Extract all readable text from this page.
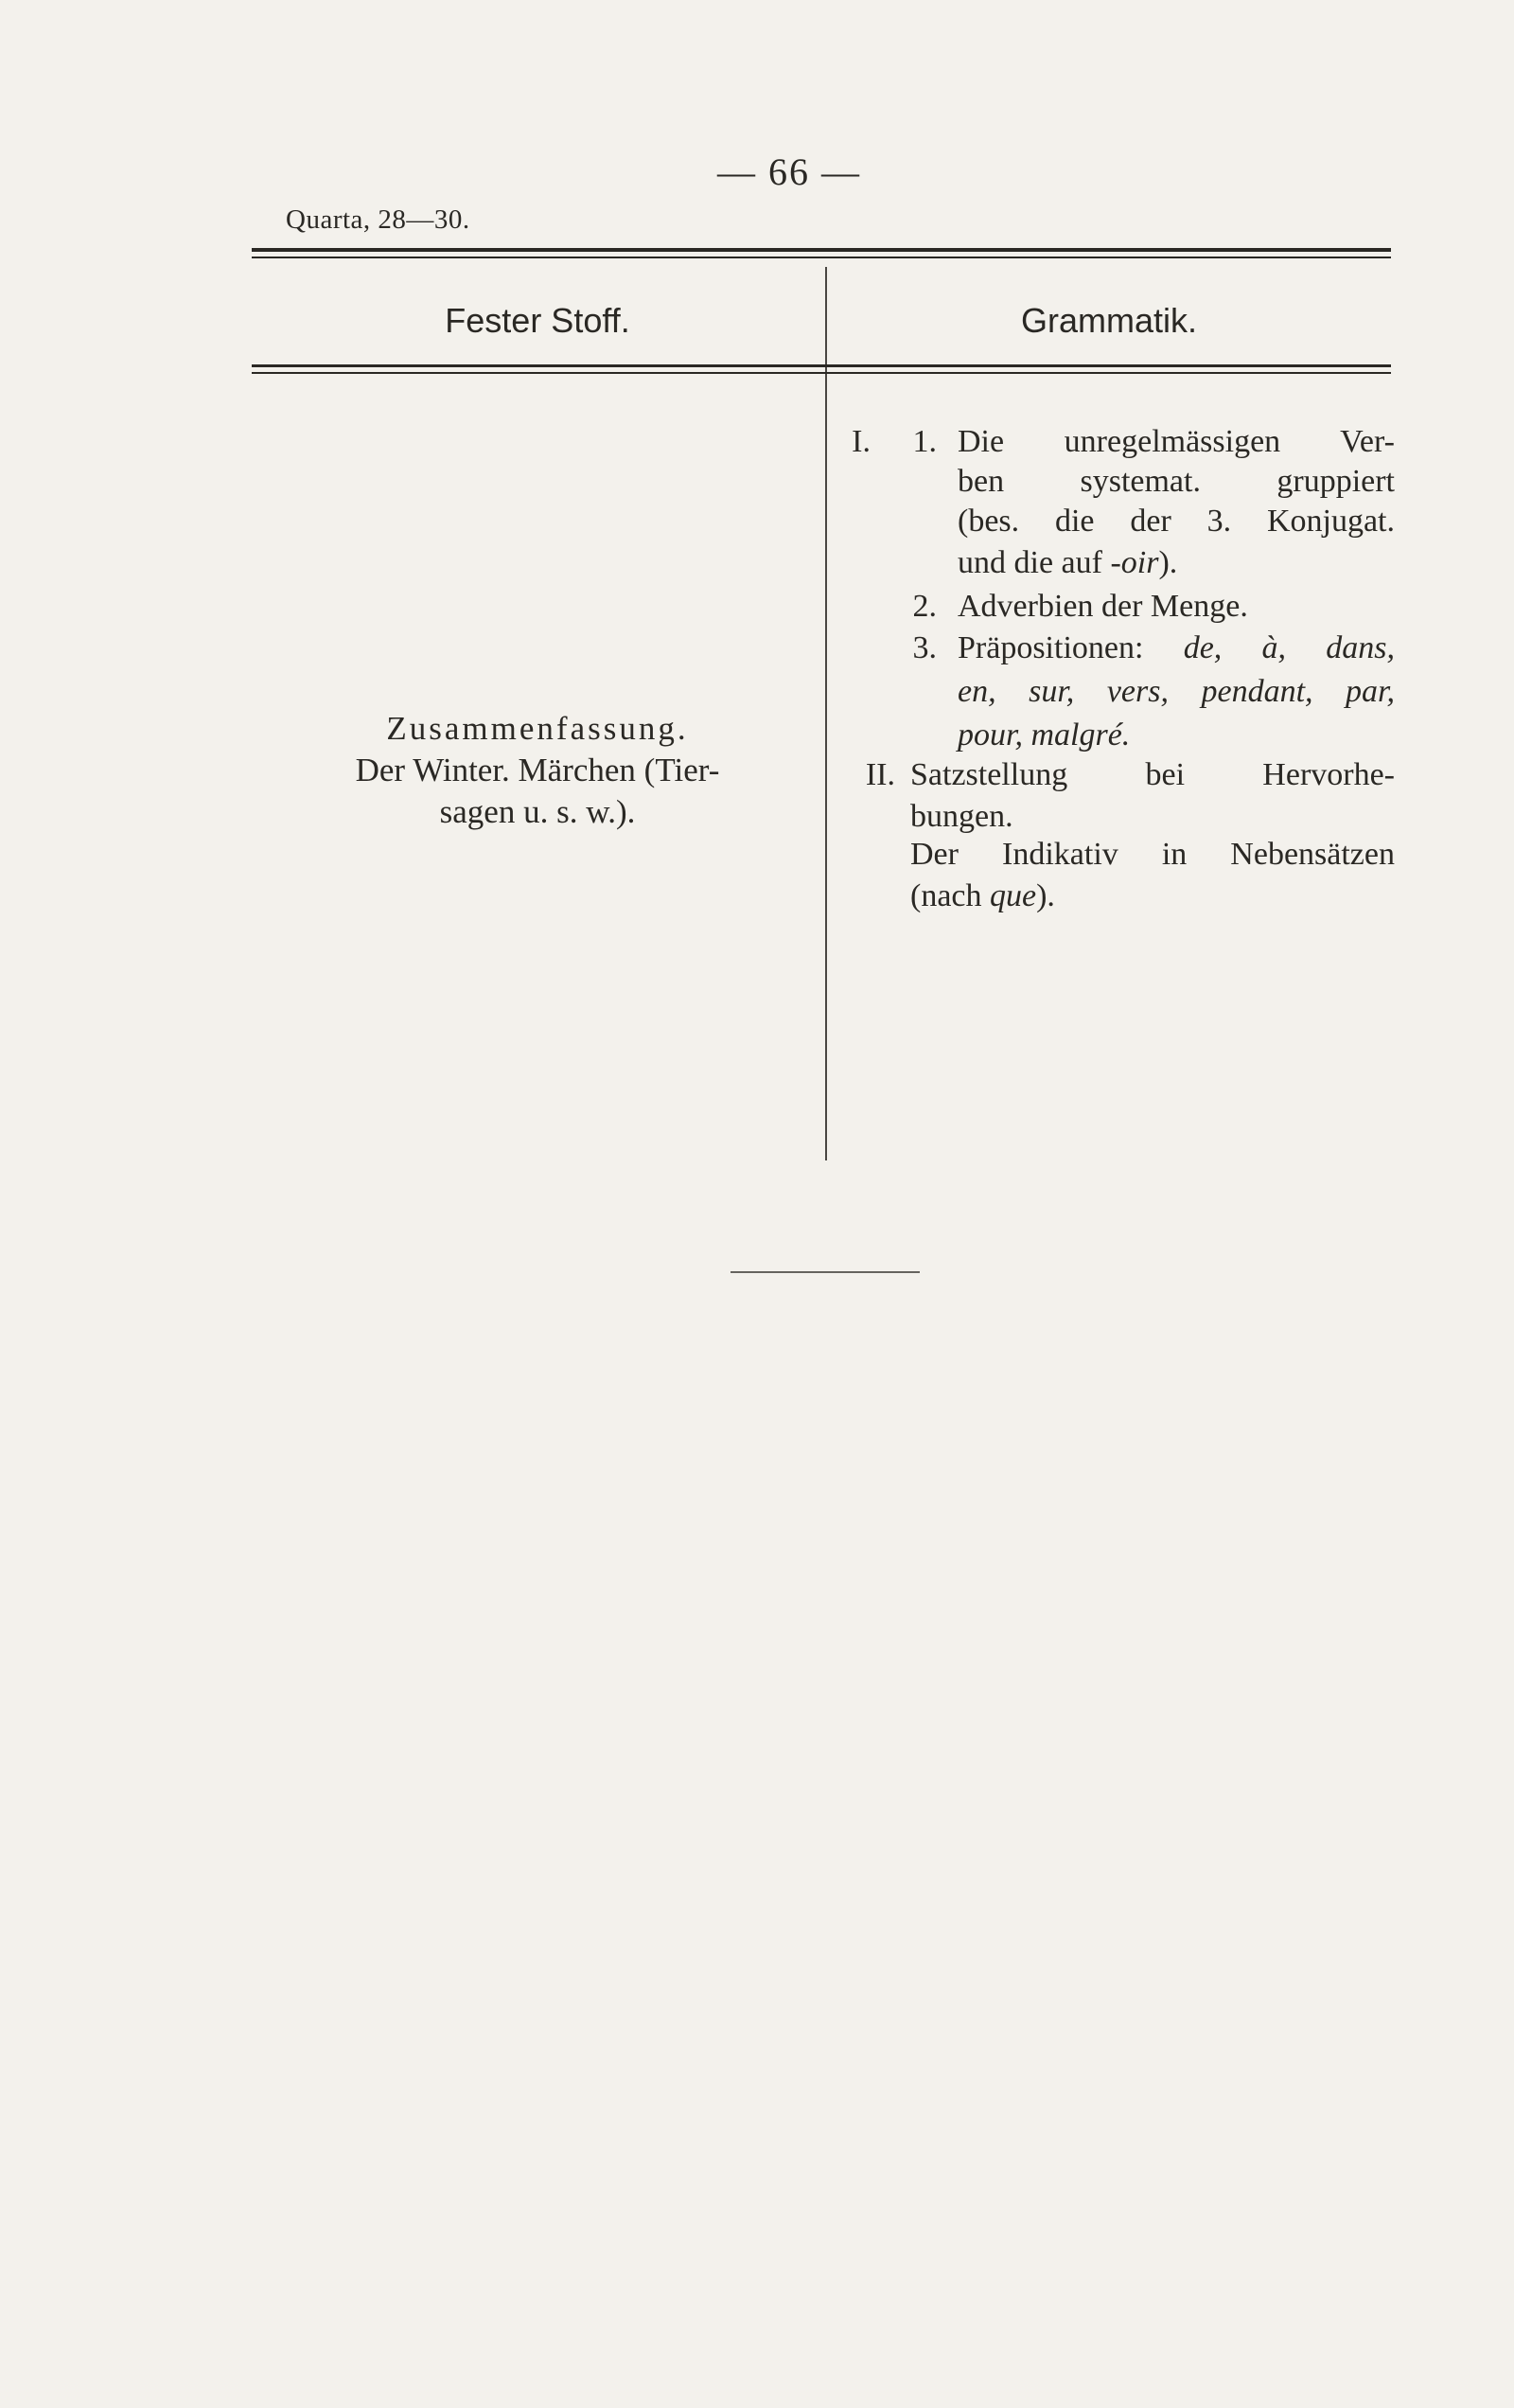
Quarta, 28—30.
— 66 —
Fester Stoff.	Grammatik.
Zusammenfassung.
Der Winter. Märchen (Tier-
sagen u. s. w.).
I.	1. Die unregelmässigen Ver-
ben systemat. gruppiert
(bes. die der 3. Konjugat.
und die auf -oir).
2. Adverbien der Menge.
3. Präpositionen: de, à, dans,
en, sur, vers, pendant, par,
pour, malgré.
II. Satzstellung bei Hervorhe-
bungen.
Der Indikativ in Nebensätzen
(nach que).
